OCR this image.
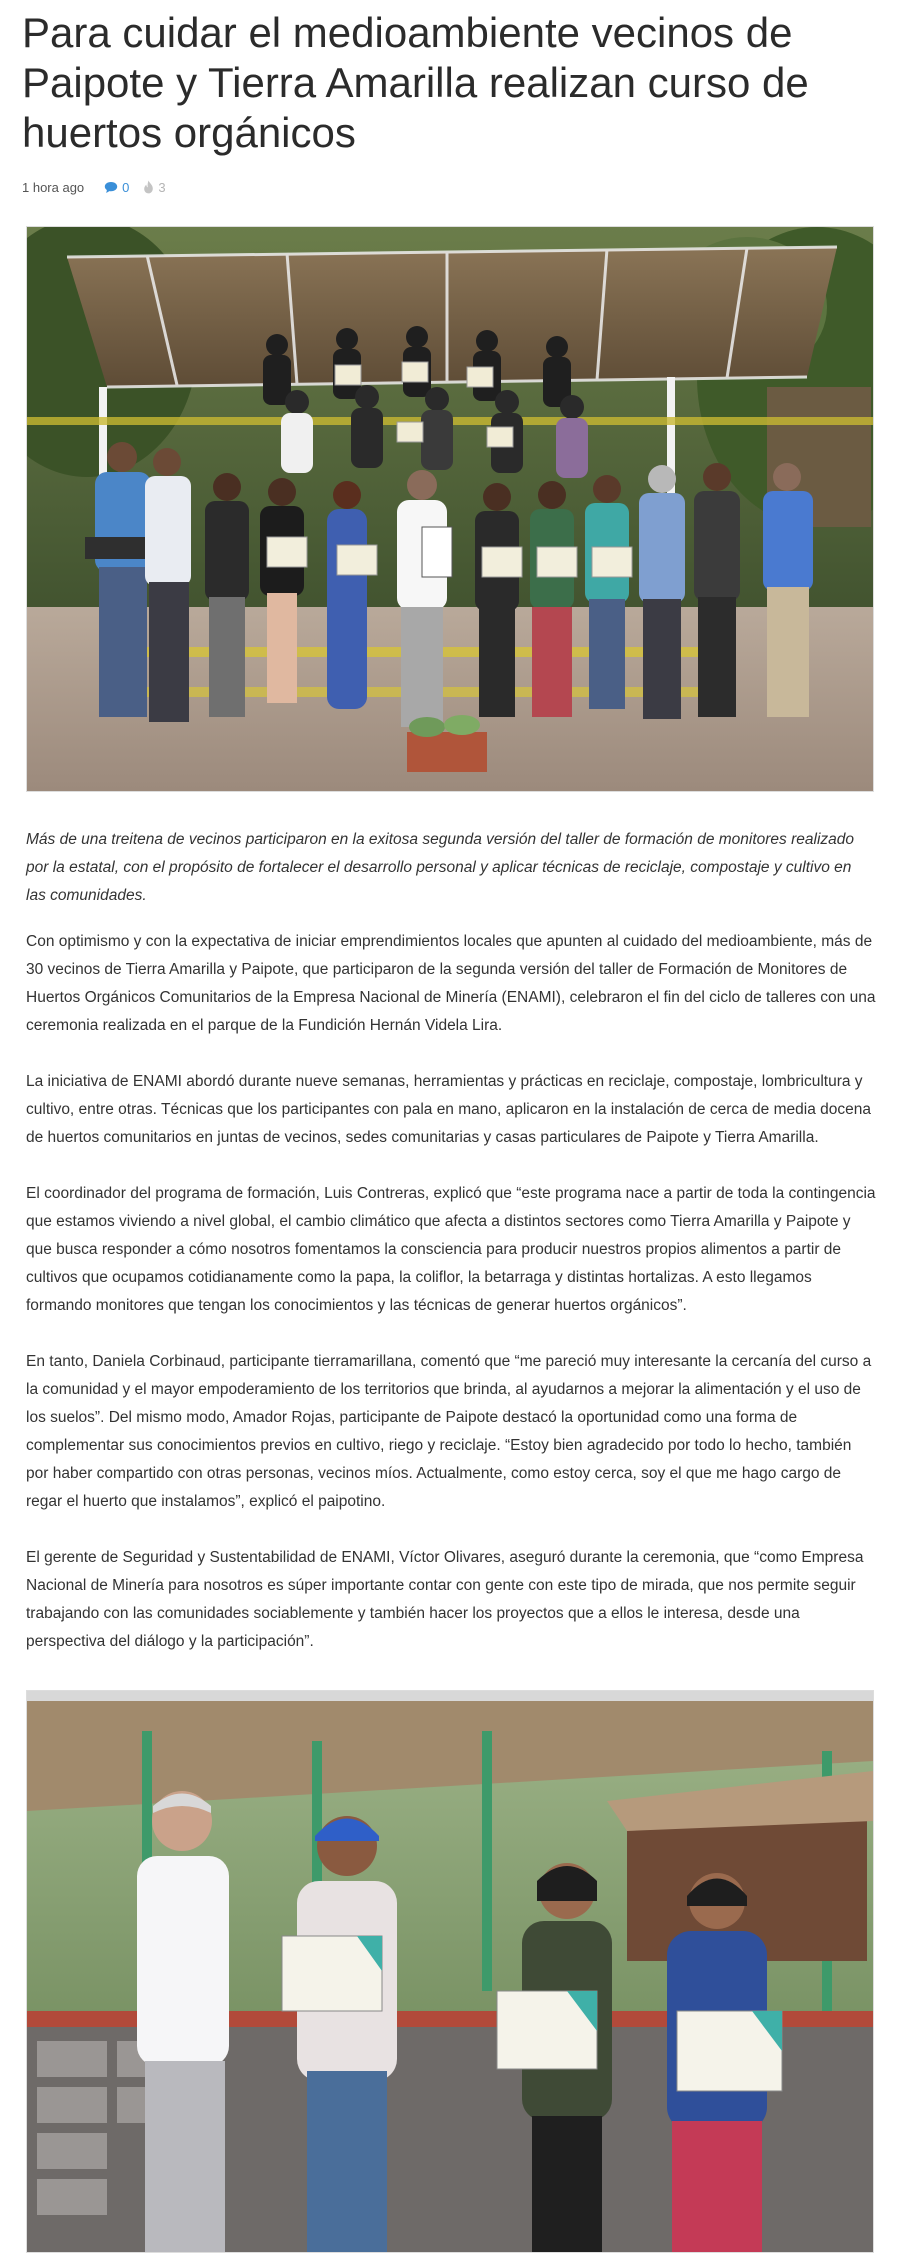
Para cuidar el medioambiente vecinos de Paipote y Tierra Amarilla realizan curso de huertos orgánicos
1 hora ago	0 3

Más de una treitena de vecinos participaron en la exitosa segunda versión del taller de formación de monitores realizado por la estatal, con el propósito de fortalecer el desarrollo personal y aplicar técnicas de reciclaje, compostaje y cultivo en las comunidades.

Con optimismo y con la expectativa de iniciar emprendimientos locales que apunten al cuidado del medioambiente, más de 30 vecinos de Tierra Amarilla y Paipote, que participaron de la segunda versión del taller de Formación de Monitores de Huertos Orgánicos Comunitarios de la Empresa Nacional de Minería (ENAMI), celebraron el fin del ciclo de talleres con una ceremonia realizada en el parque de la Fundición Hernán Videla Lira.

La iniciativa de ENAMI abordó durante nueve semanas, herramientas y prácticas en reciclaje, compostaje, lombricultura y cultivo, entre otras. Técnicas que los participantes con pala en mano, aplicaron en la instalación de cerca de media docena de huertos comunitarios en juntas de vecinos, sedes comunitarias y casas particulares de Paipote y Tierra Amarilla.

El coordinador del programa de formación, Luis Contreras, explicó que “este programa nace a partir de toda la contingencia que estamos viviendo a nivel global, el cambio climático que afecta a distintos sectores como Tierra Amarilla y Paipote y que busca responder a cómo nosotros fomentamos la consciencia para producir nuestros propios alimentos a partir de cultivos que ocupamos cotidianamente como la papa, la coliflor, la betarraga y distintas hortalizas. A esto llegamos formando monitores que tengan los conocimientos y las técnicas de generar huertos orgánicos”.

En tanto, Daniela Corbinaud, participante tierramarillana, comentó que “me pareció muy interesante la cercanía del curso a la comunidad y el mayor empoderamiento de los territorios que brinda, al ayudarnos a mejorar la alimentación y el uso de los suelos”. Del mismo modo, Amador Rojas, participante de Paipote destacó la oportunidad como una forma de complementar sus conocimientos previos en cultivo, riego y reciclaje. “Estoy bien agradecido por todo lo hecho, también por haber compartido con otras personas, vecinos míos. Actualmente, como estoy cerca, soy el que me hago cargo de regar el huerto que instalamos”, explicó el paipotino.

El gerente de Seguridad y Sustentabilidad de ENAMI, Víctor Olivares, aseguró durante la ceremonia, que “como Empresa Nacional de Minería para nosotros es súper importante contar con gente con este tipo de mirada, que nos permite seguir trabajando con las comunidades sociablemente y también hacer los proyectos que a ellos le interesa, desde una perspectiva del diálogo y la participación”.
